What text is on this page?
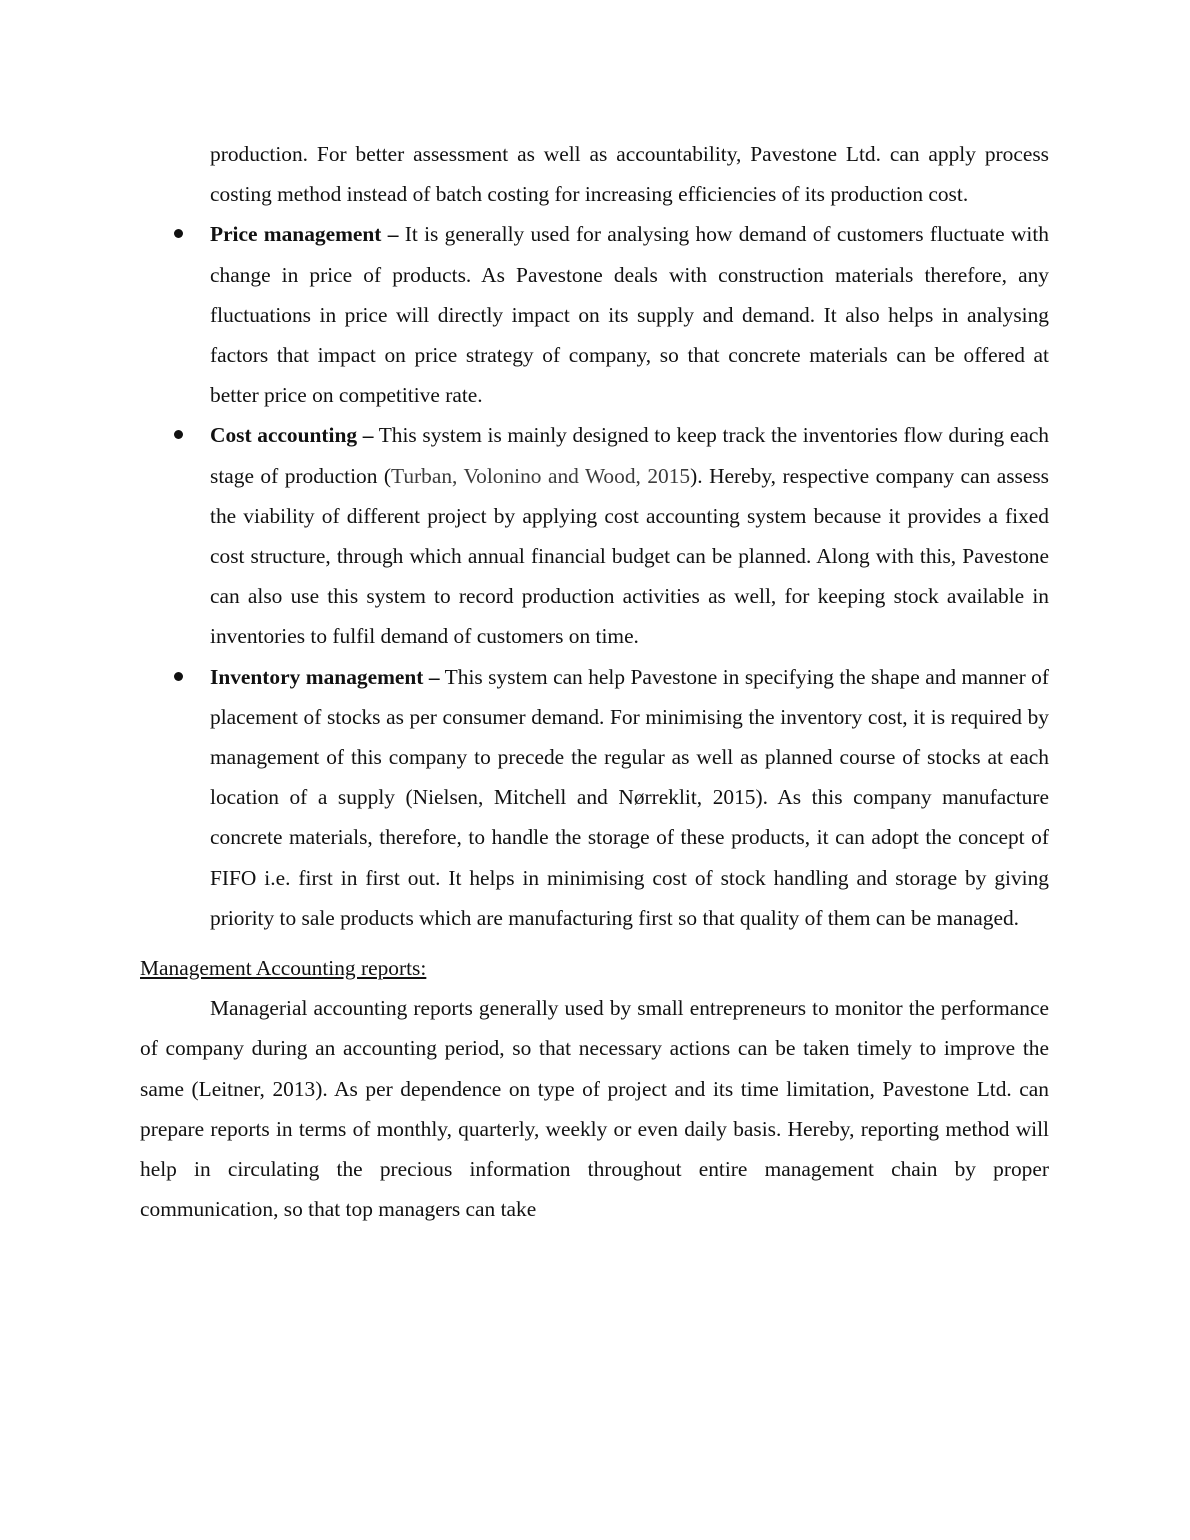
production. For better assessment as well as accountability, Pavestone Ltd. can apply process costing method instead of batch costing for increasing efficiencies of its production cost.

Price management – It is generally used for analysing how demand of customers fluctuate with change in price of products. As Pavestone deals with construction materials therefore, any fluctuations in price will directly impact on its supply and demand. It also helps in analysing factors that impact on price strategy of company, so that concrete materials can be offered at better price on competitive rate.
Cost accounting – This system is mainly designed to keep track the inventories flow during each stage of production (Turban, Volonino and Wood, 2015). Hereby, respective company can assess the viability of different project by applying cost accounting system because it provides a fixed cost structure, through which annual financial budget can be planned. Along with this, Pavestone can also use this system to record production activities as well, for keeping stock available in inventories to fulfil demand of customers on time.
Inventory management – This system can help Pavestone in specifying the shape and manner of placement of stocks as per consumer demand. For minimising the inventory cost, it is required by management of this company to precede the regular as well as planned course of stocks at each location of a supply (Nielsen, Mitchell and Nørreklit, 2015). As this company manufacture concrete materials, therefore, to handle the storage of these products, it can adopt the concept of FIFO i.e. first in first out. It helps in minimising cost of stock handling and storage by giving priority to sale products which are manufacturing first so that quality of them can be managed.
Management Accounting reports:

Managerial accounting reports generally used by small entrepreneurs to monitor the performance of company during an accounting period, so that necessary actions can be taken timely to improve the same (Leitner, 2013). As per dependence on type of project and its time limitation, Pavestone Ltd. can prepare reports in terms of monthly, quarterly, weekly or even daily basis. Hereby, reporting method will help in circulating the precious information throughout entire management chain by proper communication, so that top managers can take
